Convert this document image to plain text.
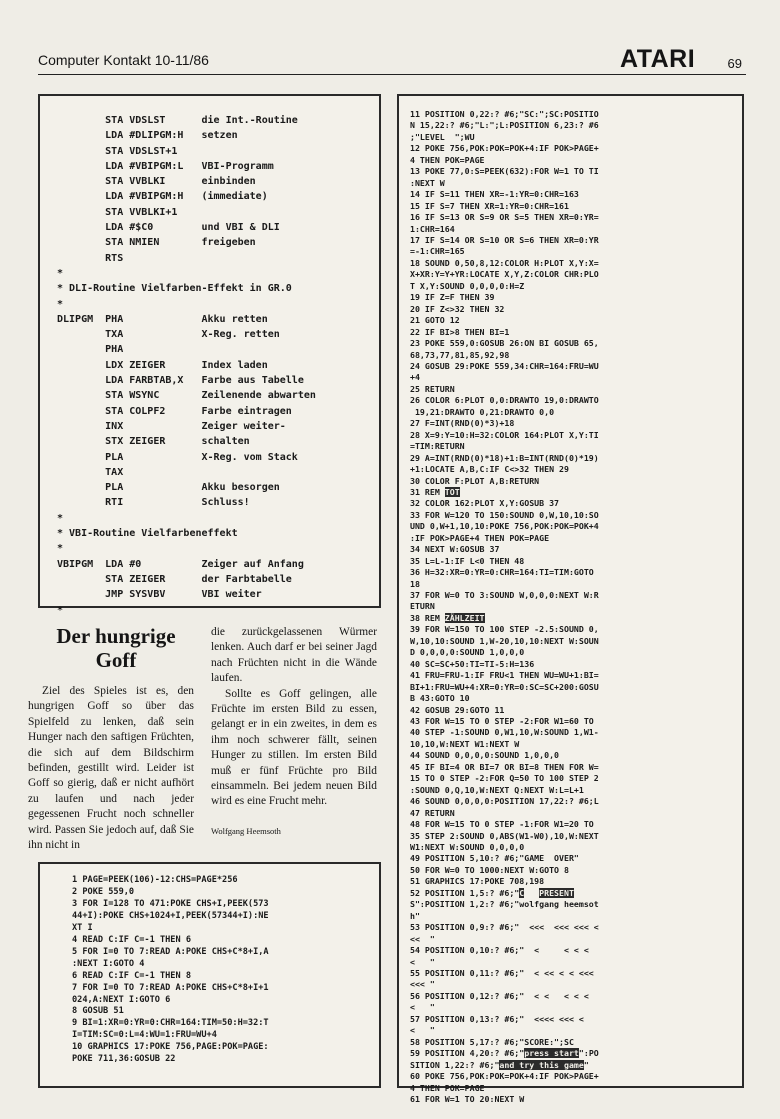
Computer Kontakt 10-11/86	ATARI 69
STA VDSLST      die Int.-Routine
LDA #DLIPGM:H   setzen
STA VDSLST+1
LDA #VBIPGM:L   VBI-Programm
STA VVBLKI      einbinden
LDA #VBIPGM:H   (immediate)
STA VVBLKI+1
LDA #$C0        und VBI & DLI
STA NMIEN       freigeben
RTS
*
* DLI-Routine Vielfarben-Effekt in GR.0
*
DLIPGM  PHA             Akku retten
TXA             X-Reg. retten
PHA
LDX ZEIGER      Index laden
LDA FARBTAB,X   Farbe aus Tabelle
STA WSYNC       Zeilenende abwarten
STA COLPF2      Farbe eintragen
INX             Zeiger weiter-
STX ZEIGER      schalten
PLA             X-Reg. vom Stack
TAX
PLA             Akku besorgen
RTI             Schluss!
*
* VBI-Routine Vielfarbeneffekt
*
VBIPGM  LDA #0          Zeiger auf Anfang
STA ZEIGER      der Farbtabelle
JMP SYSVBV      VBI weiter
*

Der hungrige Goff

Ziel des Spieles ist es, den hungrigen Goff so über das Spielfeld zu lenken, daß sein Hunger nach den saftigen Früchten, die sich auf dem Bildschirm befinden, gestillt wird. Leider ist Goff so gierig, daß er nicht aufhört zu laufen und nach jeder gegessenen Frucht noch schneller wird. Passen Sie jedoch auf, daß Sie ihn nicht in

die zurückgelassenen Würmer lenken. Auch darf er bei seiner Jagd nach Früchten nicht in die Wände laufen.

Sollte es Goff gelingen, alle Früchte im ersten Bild zu essen, gelangt er in ein zweites, in dem es ihm noch schwerer fällt, seinen Hunger zu stillen. Im ersten Bild muß er fünf Früchte pro Bild einsammeln. Bei jedem neuen Bild wird es eine Frucht mehr.

Wolfgang Heemsoth
1 PAGE=PEEK(106)-12:CHS=PAGE*256
2 POKE 559,0
3 FOR I=128 TO 471:POKE CHS+I,PEEK(573
44+I):POKE CHS+1024+I,PEEK(57344+I):NE
XT I
4 READ C:IF C=-1 THEN 6
5 FOR I=0 TO 7:READ A:POKE CHS+C*8+I,A
:NEXT I:GOTO 4
6 READ C:IF C=-1 THEN 8
7 FOR I=0 TO 7:READ A:POKE CHS+C*8+I+1
024,A:NEXT I:GOTO 6
8 GOSUB 51
9 BI=1:XR=0:YR=0:CHR=164:TIM=50:H=32:T
I=TIM:SC=0:L=4:WU=1:FRU=WU+4
10 GRAPHICS 17:POKE 756,PAGE:POK=PAGE:
POKE 711,36:GOSUB 22

11 POSITION 0,22:? #6;"SC:";SC:POSITIO
N 15,22:? #6;"L:";L:POSITION 6,23:? #6
;"LEVEL  ";WU
12 POKE 756,POK:POK=POK+4:IF POK>PAGE+
4 THEN POK=PAGE
13 POKE 77,0:S=PEEK(632):FOR W=1 TO TI
:NEXT W
14 IF S=11 THEN XR=-1:YR=0:CHR=163
15 IF S=7 THEN XR=1:YR=0:CHR=161
16 IF S=13 OR S=9 OR S=5 THEN XR=0:YR=
1:CHR=164
17 IF S=14 OR S=10 OR S=6 THEN XR=0:YR
=-1:CHR=165
18 SOUND 0,50,8,12:COLOR H:PLOT X,Y:X=
X+XR:Y=Y+YR:LOCATE X,Y,Z:COLOR CHR:PLO
T X,Y:SOUND 0,0,0,0:H=Z
19 IF Z=F THEN 39
20 IF Z<>32 THEN 32
21 GOTO 12
22 IF BI>8 THEN BI=1
23 POKE 559,0:GOSUB 26:ON BI GOSUB 65,
68,73,77,81,85,92,98
24 GOSUB 29:POKE 559,34:CHR=164:FRU=WU
+4
25 RETURN
26 COLOR 6:PLOT 0,0:DRAWTO 19,0:DRAWTO
19,21:DRAWTO 0,21:DRAWTO 0,0
27 F=INT(RND(0)*3)+18
28 X=9:Y=10:H=32:COLOR 164:PLOT X,Y:TI
=TIM:RETURN
29 A=INT(RND(0)*18)+1:B=INT(RND(0)*19)
+1:LOCATE A,B,C:IF C<>32 THEN 29
30 COLOR F:PLOT A,B:RETURN
31 REM TOT
32 COLOR 162:PLOT X,Y:GOSUB 37
33 FOR W=120 TO 150:SOUND 0,W,10,10:SO
UND 0,W+1,10,10:POKE 756,POK:POK=POK+4
:IF POK>PAGE+4 THEN POK=PAGE
34 NEXT W:GOSUB 37
35 L=L-1:IF L<0 THEN 48
36 H=32:XR=0:YR=0:CHR=164:TI=TIM:GOTO
18
37 FOR W=0 TO 3:SOUND W,0,0,0:NEXT W:R
ETURN
38 REM ZÄHLZEIT
39 FOR W=150 TO 100 STEP -2.5:SOUND 0,
W,10,10:SOUND 1,W-20,10,10:NEXT W:SOUN
D 0,0,0,0:SOUND 1,0,0,0
40 SC=SC+50:TI=TI-5:H=136
41 FRU=FRU-1:IF FRU<1 THEN WU=WU+1:BI=
BI+1:FRU=WU+4:XR=0:YR=0:SC=SC+200:GOSU
B 43:GOTO 10
42 GOSUB 29:GOTO 11
43 FOR W=15 TO 0 STEP -2:FOR W1=60 TO
40 STEP -1:SOUND 0,W1,10,W:SOUND 1,W1-
10,10,W:NEXT W1:NEXT W
44 SOUND 0,0,0,0:SOUND 1,0,0,0
45 IF BI=4 OR BI=7 OR BI=8 THEN FOR W=
15 TO 0 STEP -2:FOR Q=50 TO 100 STEP 2
:SOUND 0,Q,10,W:NEXT Q:NEXT W:L=L+1
46 SOUND 0,0,0,0:POSITION 17,22:? #6;L
47 RETURN
48 FOR W=15 TO 0 STEP -1:FOR W1=20 TO
35 STEP 2:SOUND 0,ABS(W1-W0),10,W:NEXT
W1:NEXT W:SOUND 0,0,0,0
49 POSITION 5,10:? #6;"GAME  OVER"
50 FOR W=0 TO 1000:NEXT W:GOTO 8
51 GRAPHICS 17:POKE 708,198
52 POSITION 1,5:? #6;"C PRESENT
S":POSITION 1,2:? #6;"wolfgang heemsot
h"
53 POSITION 0,9:? #6;"  <<<  <<< <<< <
<<  "
54 POSITION 0,10:? #6;"  <     < < <
<   "
55 POSITION 0,11:? #6;"  < << < < <<<
<<< "
56 POSITION 0,12:? #6;"  < <   < < <
<   "
57 POSITION 0,13:? #6;"  <<<< <<< <
<   "
58 POSITION 5,17:? #6;"SCORE:";SC
59 POSITION 4,20:? #6;"press start":PO
SITION 1,22:? #6;"and try this game"
60 POKE 756,POK:POK=POK+4:IF POK>PAGE+
4 THEN POK=PAGE
61 FOR W=1 TO 20:NEXT W
